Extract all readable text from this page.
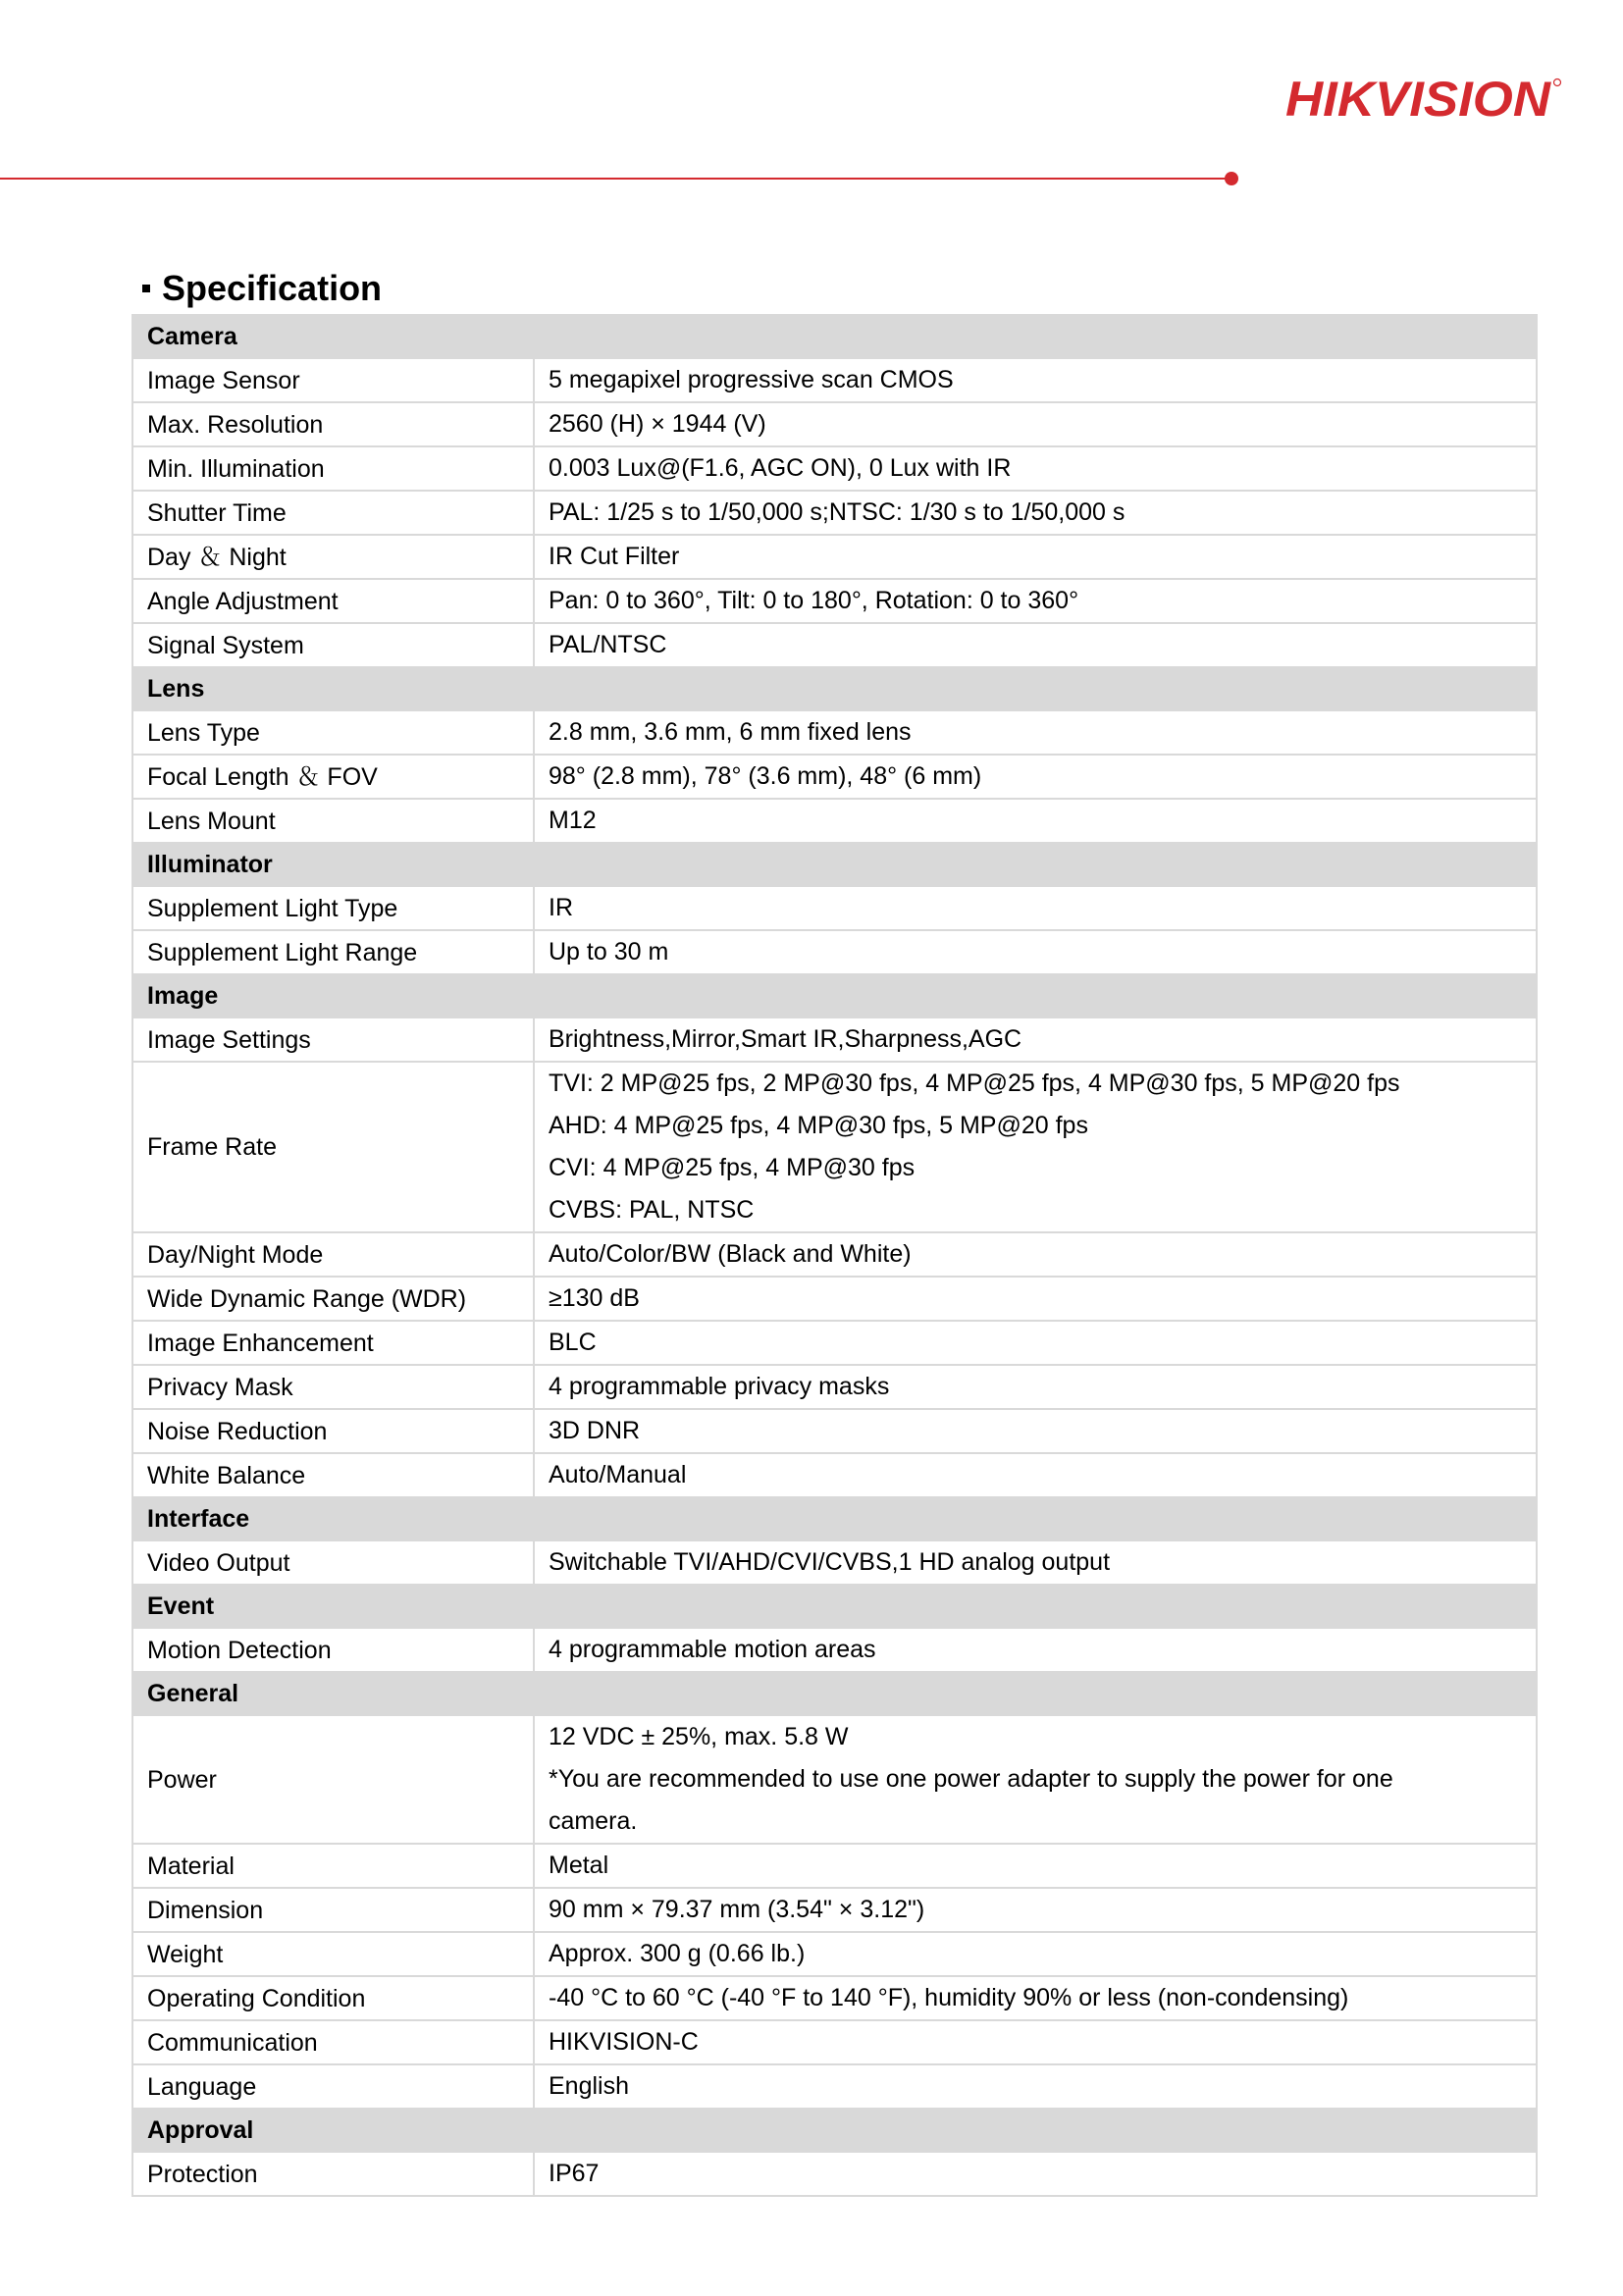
HIKVISION
Specification
Camera	
Image Sensor	5 megapixel progressive scan CMOS

Max. Resolution	2560 (H) × 1944 (V)

Min. Illumination	0.003 Lux@(F1.6, AGC ON), 0 Lux with IR

Shutter Time	PAL: 1/25 s to 1/50,000 s;NTSC: 1/30 s to 1/50,000 s

Day ＆ Night	IR Cut Filter

Angle Adjustment	Pan: 0 to 360°, Tilt: 0 to 180°, Rotation: 0 to 360°

Signal System	PAL/NTSC

Lens	
Lens Type	2.8 mm, 3.6 mm, 6 mm fixed lens

Focal Length ＆ FOV	98° (2.8 mm), 78° (3.6 mm), 48° (6 mm)

Lens Mount	M12

Illuminator	
Supplement Light Type	IR

Supplement Light Range	Up to 30 m

Image	
Image Settings	Brightness,Mirror,Smart IR,Sharpness,AGC

Frame Rate	TVI: 2 MP@25 fps, 2 MP@30 fps, 4 MP@25 fps, 4 MP@30 fps, 5 MP@20 fps
AHD: 4 MP@25 fps, 4 MP@30 fps, 5 MP@20 fps
CVI: 4 MP@25 fps, 4 MP@30 fps
CVBS: PAL, NTSC

Day/Night Mode	Auto/Color/BW (Black and White)

Wide Dynamic Range (WDR)	≥130 dB

Image Enhancement	BLC

Privacy Mask	4 programmable privacy masks

Noise Reduction	3D DNR

White Balance	Auto/Manual

Interface	
Video Output	Switchable TVI/AHD/CVI/CVBS,1 HD analog output

Event	
Motion Detection	4 programmable motion areas

General	
Power	12 VDC ± 25%, max. 5.8 W
*You are recommended to use one power adapter to supply the power for one
camera.

Material	Metal

Dimension	90 mm × 79.37 mm (3.54" × 3.12")

Weight	Approx. 300 g (0.66 lb.)

Operating Condition	-40 °C to 60 °C (-40 °F to 140 °F), humidity 90% or less (non-condensing)

Communication	HIKVISION-C

Language	English

Approval	
Protection	IP67
